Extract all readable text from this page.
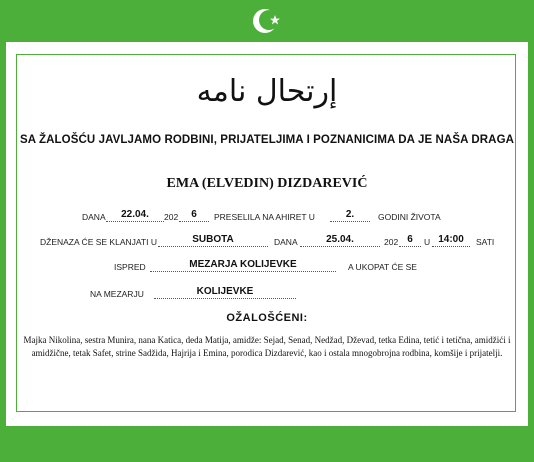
إرتحال نامه
SA ŽALOŠĆU JAVLJAMO RODBINI, PRIJATELJIMA I POZNANICIMA DA JE NAŠA DRAGA
EMA (ELVEDIN) DIZDAREVIĆ
DANA	22.04.	202	6	PRESELILA NA AHIRET U	2.	GODINI ŽIVOTA
DŽENAZA ĆE SE KLANJATI U	SUBOTA	DANA	25.04.	202 6	U 14:00	SATI
ISPRED	MEZARJA KOLIJEVKE	A UKOPAT ĆE SE
NA MEZARJU	KOLIJEVKE
OŽALOŠĆENI:
Majka Nikolina, sestra Munira, nana Katica, deda Matija, amidže: Sejad, Senad, Nedžad, Dževad, tetka Edina, tetić i tetična, amidžići i amidžične, tetak Safet, strine Sadžida, Hajrija i Emina, porodica Dizdarević, kao i ostala mnogobrojna rodbina, komšije i prijatelji.
